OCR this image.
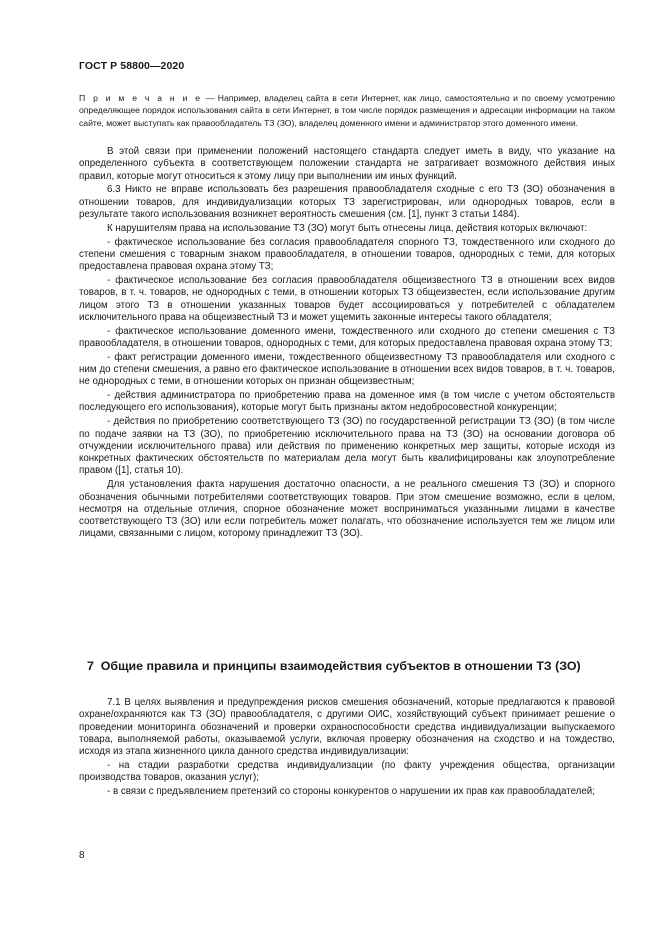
ГОСТ Р 58800—2020
П р и м е ч а н и е — Например, владелец сайта в сети Интернет, как лицо, самостоятельно и по своему усмотрению определяющее порядок использования сайта в сети Интернет, в том числе порядок размещения и адресации информации на таком сайте, может выступать как правообладатель ТЗ (ЗО), владелец доменного имени и администратор этого доменного имени.

В этой связи при применении положений настоящего стандарта следует иметь в виду, что указание на определенного субъекта в соответствующем положении стандарта не затрагивает возможного действия иных правил, которые могут относиться к этому лицу при выполнении им иных функций.

6.3 Никто не вправе использовать без разрешения правообладателя сходные с его ТЗ (ЗО) обозначения в отношении товаров, для индивидуализации которых ТЗ зарегистрирован, или однородных товаров, если в результате такого использования возникнет вероятность смешения (см. [1], пункт 3 статьи 1484).

К нарушителям права на использование ТЗ (ЗО) могут быть отнесены лица, действия которых включают:

- фактическое использование без согласия правообладателя спорного ТЗ, тождественного или сходного до степени смешения с товарным знаком правообладателя, в отношении товаров, однородных с теми, для которых предоставлена правовая охрана этому ТЗ;

- фактическое использование без согласия правообладателя общеизвестного ТЗ в отношении всех видов товаров, в т. ч. товаров, не однородных с теми, в отношении которых ТЗ общеизвестен, если использование другим лицом этого ТЗ в отношении указанных товаров будет ассоциироваться у потребителей с обладателем исключительного права на общеизвестный ТЗ и может ущемить законные интересы такого обладателя;

- фактическое использование доменного имени, тождественного или сходного до степени смешения с ТЗ правообладателя, в отношении товаров, однородных с теми, для которых предоставлена правовая охрана этому ТЗ;

- факт регистрации доменного имени, тождественного общеизвестному ТЗ правообладателя или сходного с ним до степени смешения, а равно его фактическое использование в отношении всех видов товаров, в т. ч. товаров, не однородных с теми, в отношении которых он признан общеизвестным;

- действия администратора по приобретению права на доменное имя (в том числе с учетом обстоятельств последующего его использования), которые могут быть признаны актом недобросовестной конкуренции;

- действия по приобретению соответствующего ТЗ (ЗО) по государственной регистрации ТЗ (ЗО) (в том числе по подаче заявки на ТЗ (ЗО), по приобретению исключительного права на ТЗ (ЗО) на основании договора об отчуждении исключительного права) или действия по применению конкретных мер защиты, которые исходя из конкретных фактических обстоятельств по материалам дела могут быть квалифицированы как злоупотребление правом ([1], статья 10).

Для установления факта нарушения достаточно опасности, а не реального смешения ТЗ (ЗО) и спорного обозначения обычными потребителями соответствующих товаров. При этом смешение возможно, если в целом, несмотря на отдельные отличия, спорное обозначение может восприниматься указанными лицами в качестве соответствующего ТЗ (ЗО) или если потребитель может полагать, что обозначение используется тем же лицом или лицами, связанными с лицом, которому принадлежит ТЗ (ЗО).

7 Общие правила и принципы взаимодействия субъектов в отношении ТЗ (ЗО)

7.1 В целях выявления и предупреждения рисков смешения обозначений, которые предлагаются к правовой охране/охраняются как ТЗ (ЗО) правообладателя, с другими ОИС, хозяйствующий субъект принимает решение о проведении мониторинга обозначений и проверки охраноспособности средства индивидуализации выпускаемого товара, выполняемой работы, оказываемой услуги, включая проверку обозначения на сходство и на тождество, исходя из этапа жизненного цикла данного средства индивидуализации:

- на стадии разработки средства индивидуализации (по факту учреждения общества, организации производства товаров, оказания услуг);

- в связи с предъявлением претензий со стороны конкурентов о нарушении их прав как правообладателей;

8
